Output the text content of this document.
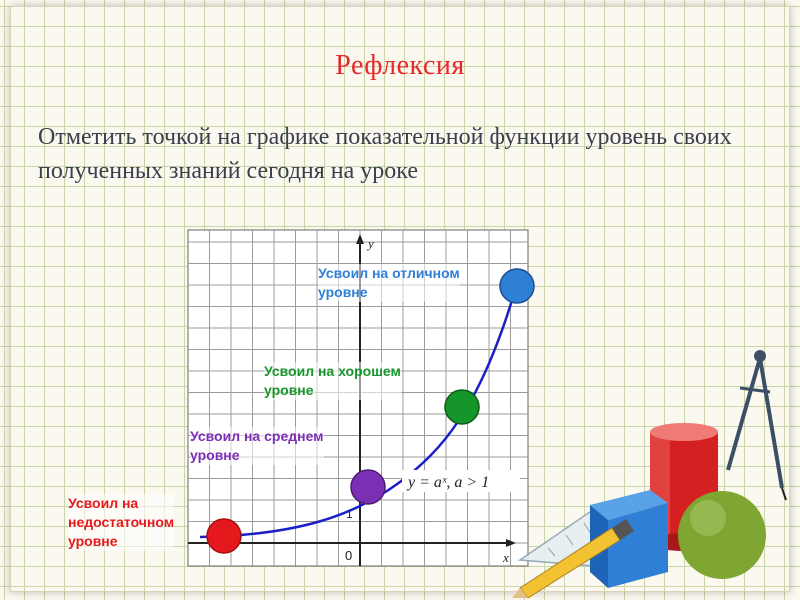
Рефлексия
Отметить точкой на графике показательной функции уровень своих полученных знаний сегодня на уроке
y
x
0
1
y = aˣ, a > 1
Усвоил на
недостаточном
уровне
Усвоил на среднем
уровне
Усвоил на хорошем
уровне
Усвоил на отличном
уровне
